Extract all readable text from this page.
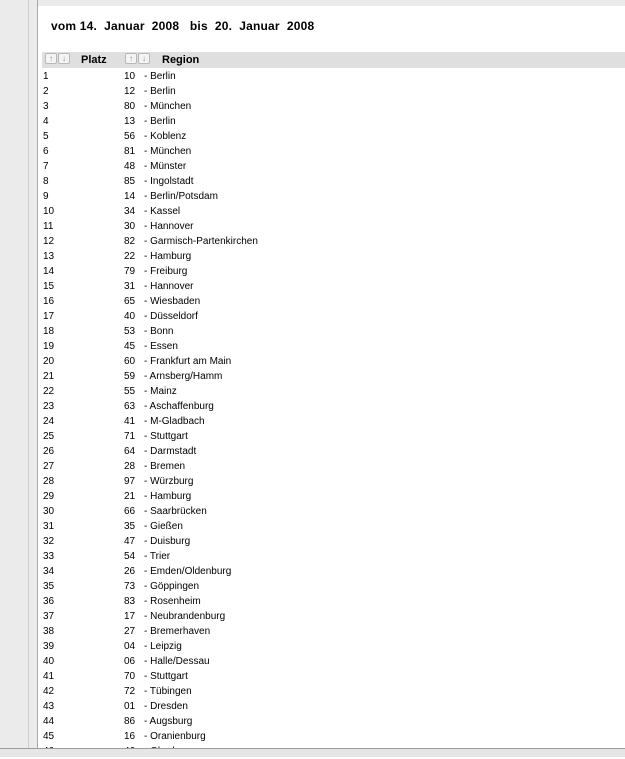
vom 14.  Januar  2008   bis  20.  Januar  2008
↑	↓	Platz	↑	↓	Region
1	10 - Berlin
2	12 - Berlin
3	80 - München
4	13 - Berlin
5	56 - Koblenz
6	81 - München
7	48 - Münster
8	85 - Ingolstadt
9	14 - Berlin/Potsdam
10	34 - Kassel
11	30 - Hannover
12	82 - Garmisch-Partenkirchen
13	22 - Hamburg
14	79 - Freiburg
15	31 - Hannover
16	65 - Wiesbaden
17	40 - Düsseldorf
18	53 - Bonn
19	45 - Essen
20	60 - Frankfurt am Main
21	59 - Arnsberg/Hamm
22	55 - Mainz
23	63 - Aschaffenburg
24	41 - M-Gladbach
25	71 - Stuttgart
26	64 - Darmstadt
27	28 - Bremen
28	97 - Würzburg
29	21 - Hamburg
30	66 - Saarbrücken
31	35 - Gießen
32	47 - Duisburg
33	54 - Trier
34	26 - Emden/Oldenburg
35	73 - Göppingen
36	83 - Rosenheim
37	17 - Neubrandenburg
38	27 - Bremerhaven
39	04 - Leipzig
40	06 - Halle/Dessau
41	70 - Stuttgart
42	72 - Tübingen
43	01 - Dresden
44	86 - Augsburg
45	16 - Oranienburg
